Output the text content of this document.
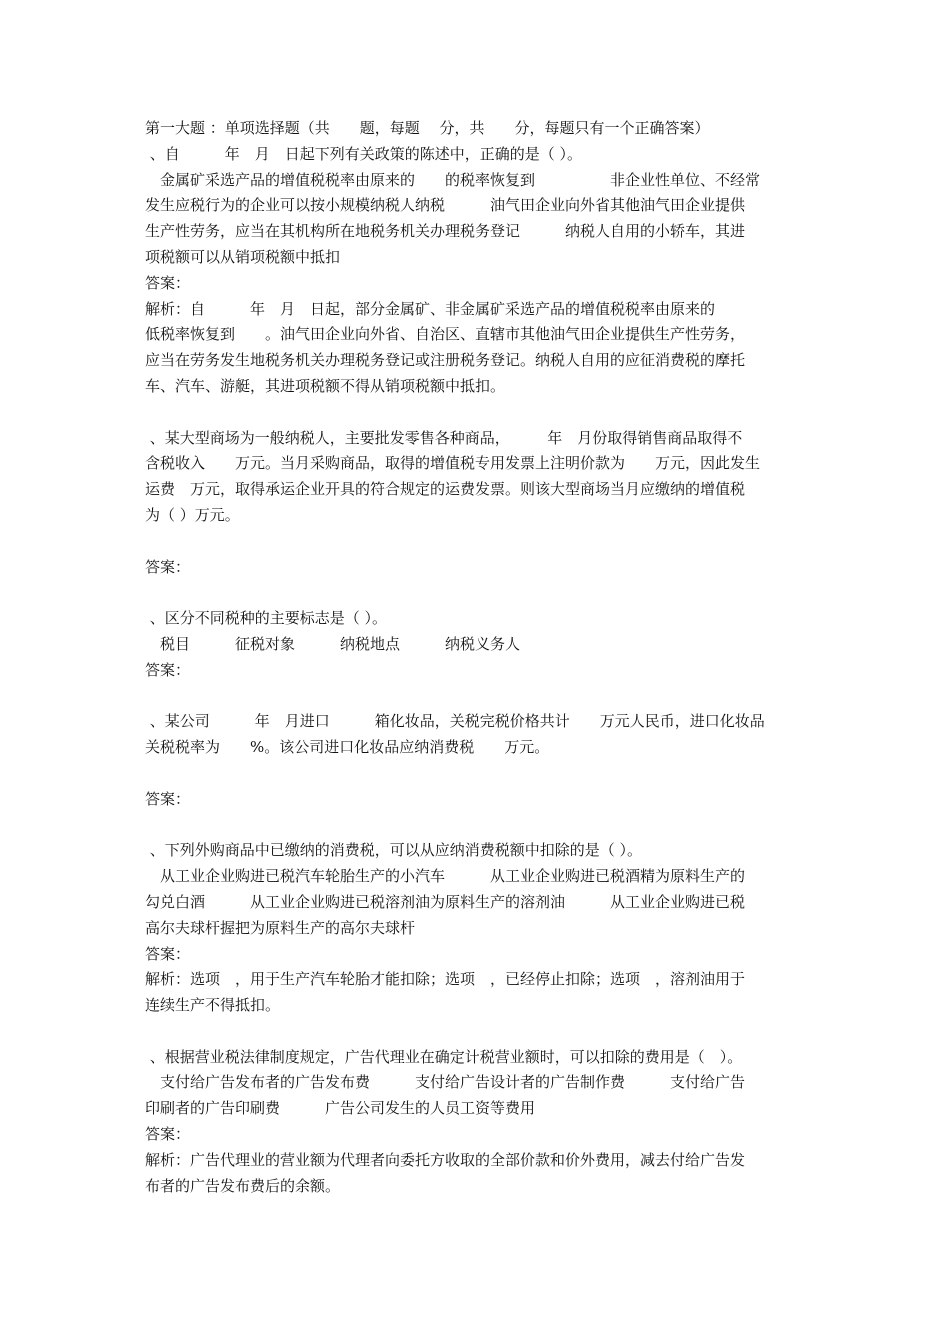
第一大题 ：单项选择题（共　　题，每题　 分，共　　分，每题只有一个正确答案）
、自　　　年　月　日起下列有关政策的陈述中，正确的是（ ）。
　金属矿采选产品的增值税税率由原来的　　的税率恢复到　　　　　非企业性单位、不经常
发生应税行为的企业可以按小规模纳税人纳税　　　油气田企业向外省其他油气田企业提供
生产性劳务，应当在其机构所在地税务机关办理税务登记　　　纳税人自用的小轿车，其进
项税额可以从销项税额中抵扣
答案：
解析：自　　　年　月　日起，部分金属矿、非金属矿采选产品的增值税税率由原来的
低税率恢复到　　。油气田企业向外省、自治区、直辖市其他油气田企业提供生产性劳务，
应当在劳务发生地税务机关办理税务登记或注册税务登记。纳税人自用的应征消费税的摩托
车、汽车、游艇，其进项税额不得从销项税额中抵扣。
、某大型商场为一般纳税人，主要批发零售各种商品，　　　年　月份取得销售商品取得不
含税收入　　万元。当月采购商品，取得的增值税专用发票上注明价款为　　万元，因此发生
运费　万元，取得承运企业开具的符合规定的运费发票。则该大型商场当月应缴纳的增值税
为（ ）万元。
答案：
、区分不同税种的主要标志是（ ）。
　税目　　　征税对象　　　纳税地点　　　纳税义务人
答案：
、某公司　　　年　月进口　　　箱化妆品，关税完税价格共计　　万元人民币，进口化妆品
关税税率为　　%。该公司进口化妆品应纳消费税　　万元。
答案：
、下列外购商品中已缴纳的消费税，可以从应纳消费税额中扣除的是（ ）。
　从工业企业购进已税汽车轮胎生产的小汽车　　　从工业企业购进已税酒精为原料生产的
勾兑白酒　　　从工业企业购进已税溶剂油为原料生产的溶剂油　　　从工业企业购进已税
高尔夫球杆握把为原料生产的高尔夫球杆
答案：
解析：选项　，用于生产汽车轮胎才能扣除；选项　，已经停止扣除；选项　，溶剂油用于
连续生产不得抵扣。
、根据营业税法律制度规定，广告代理业在确定计税营业额时，可以扣除的费用是（　）。
　支付给广告发布者的广告发布费　　　支付给广告设计者的广告制作费　　　支付给广告
印刷者的广告印刷费　　　广告公司发生的人员工资等费用
答案：
解析：广告代理业的营业额为代理者向委托方收取的全部价款和价外费用，减去付给广告发
布者的广告发布费后的余额。
